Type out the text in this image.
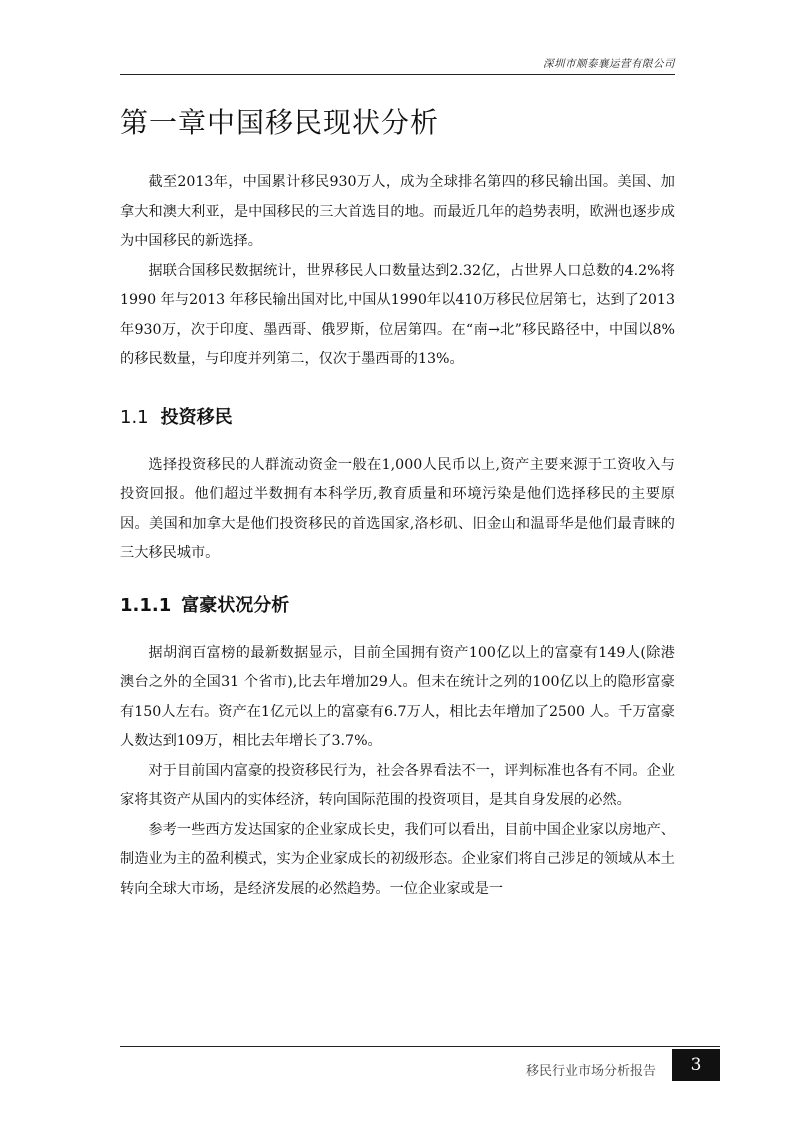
深圳市顺泰襄运营有限公司
第一章中国移民现状分析

截至2013年，中国累计移民930万人，成为全球排名第四的移民输出国。美国、加拿大和澳大利亚，是中国移民的三大首选目的地。而最近几年的趋势表明，欧洲也逐步成为中国移民的新选择。

据联合国移民数据统计，世界移民人口数量达到2.32亿，占世界人口总数的4.2%将1990 年与2013 年移民输出国对比,中国从1990年以410万移民位居第七，达到了2013年930万，次于印度、墨西哥、俄罗斯，位居第四。在“南→北”移民路径中，中国以8%的移民数量，与印度并列第二，仅次于墨西哥的13%。

1.1 投资移民

选择投资移民的人群流动资金一般在1,000人民币以上,资产主要来源于工资收入与投资回报。他们超过半数拥有本科学历,教育质量和环境污染是他们选择移民的主要原因。美国和加拿大是他们投资移民的首选国家,洛杉矶、旧金山和温哥华是他们最青睐的三大移民城市。

1.1.1 富豪状况分析

据胡润百富榜的最新数据显示，目前全国拥有资产100亿以上的富豪有149人(除港澳台之外的全国31 个省市),比去年增加29人。但未在统计之列的100亿以上的隐形富豪有150人左右。资产在1亿元以上的富豪有6.7万人，相比去年增加了2500 人。千万富豪人数达到109万，相比去年增长了3.7%。

对于目前国内富豪的投资移民行为，社会各界看法不一，评判标准也各有不同。企业家将其资产从国内的实体经济，转向国际范围的投资项目，是其自身发展的必然。

参考一些西方发达国家的企业家成长史，我们可以看出，目前中国企业家以房地产、制造业为主的盈利模式，实为企业家成长的初级形态。企业家们将自己涉足的领域从本土转向全球大市场，是经济发展的必然趋势。一位企业家或是一

移民行业市场分析报告	3
